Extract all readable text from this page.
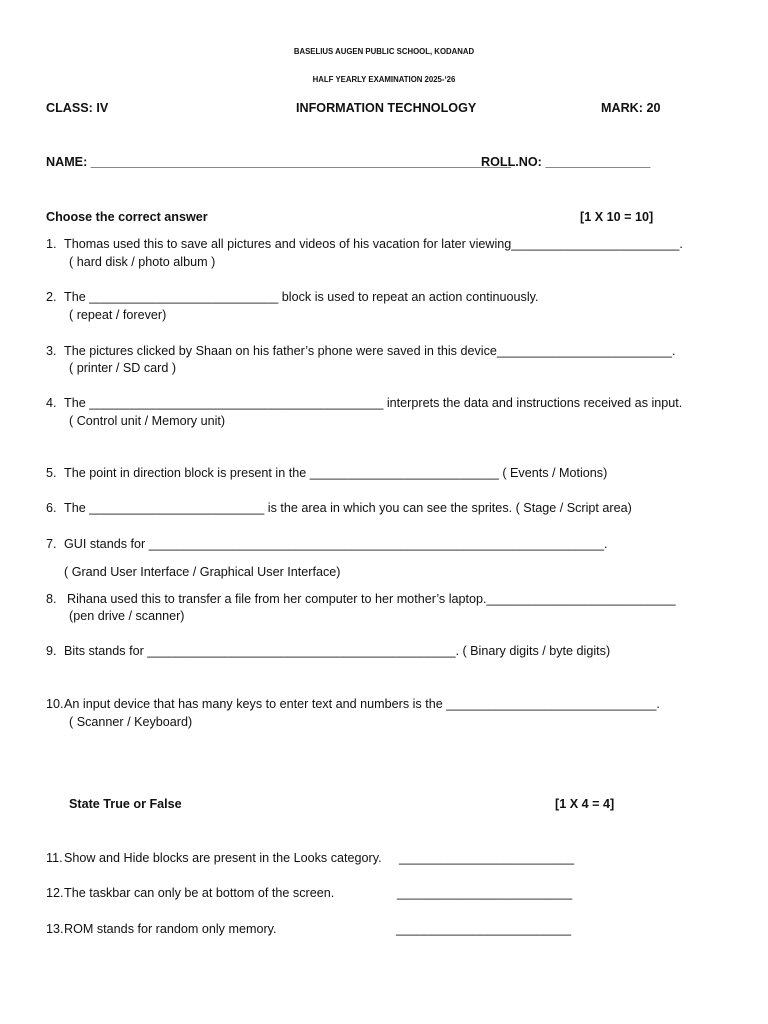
BASELIUS AUGEN PUBLIC SCHOOL, KODANAD
HALF YEARLY EXAMINATION 2025-‘26
CLASS: IV	INFORMATION TECHNOLOGY	MARK: 20
NAME: ____________________________________________________________
ROLL.NO: _______________
Choose the correct answer	[1 X 10 = 10]
1. Thomas used this to save all pictures and videos of his vacation for later viewing________________________.
( hard disk / photo album )
2. The ___________________________ block is used to repeat an action continuously.
( repeat / forever)
3. The pictures clicked by Shaan on his father’s phone were saved in this device_________________________.
( printer / SD card )
4. The __________________________________________ interprets the data and instructions received as input.
( Control unit / Memory unit)
5. The point in direction block is present in the ___________________________ ( Events / Motions)
6. The _________________________ is the area in which you can see the sprites. ( Stage / Script area)
7. GUI stands for _________________________________________________________________.
( Grand User Interface / Graphical User Interface)
8. Rihana used this to transfer a file from her computer to her mother’s laptop.___________________________
(pen drive / scanner)
9. Bits stands for ____________________________________________. ( Binary digits / byte digits)
10. An input device that has many keys to enter text and numbers is the ______________________________.
( Scanner / Keyboard)
State True or False	[1 X 4 = 4]
11. Show and Hide blocks are present in the Looks category. _________________________
12. The taskbar can only be at bottom of the screen.	_________________________
13. ROM stands for random only memory.	_________________________
